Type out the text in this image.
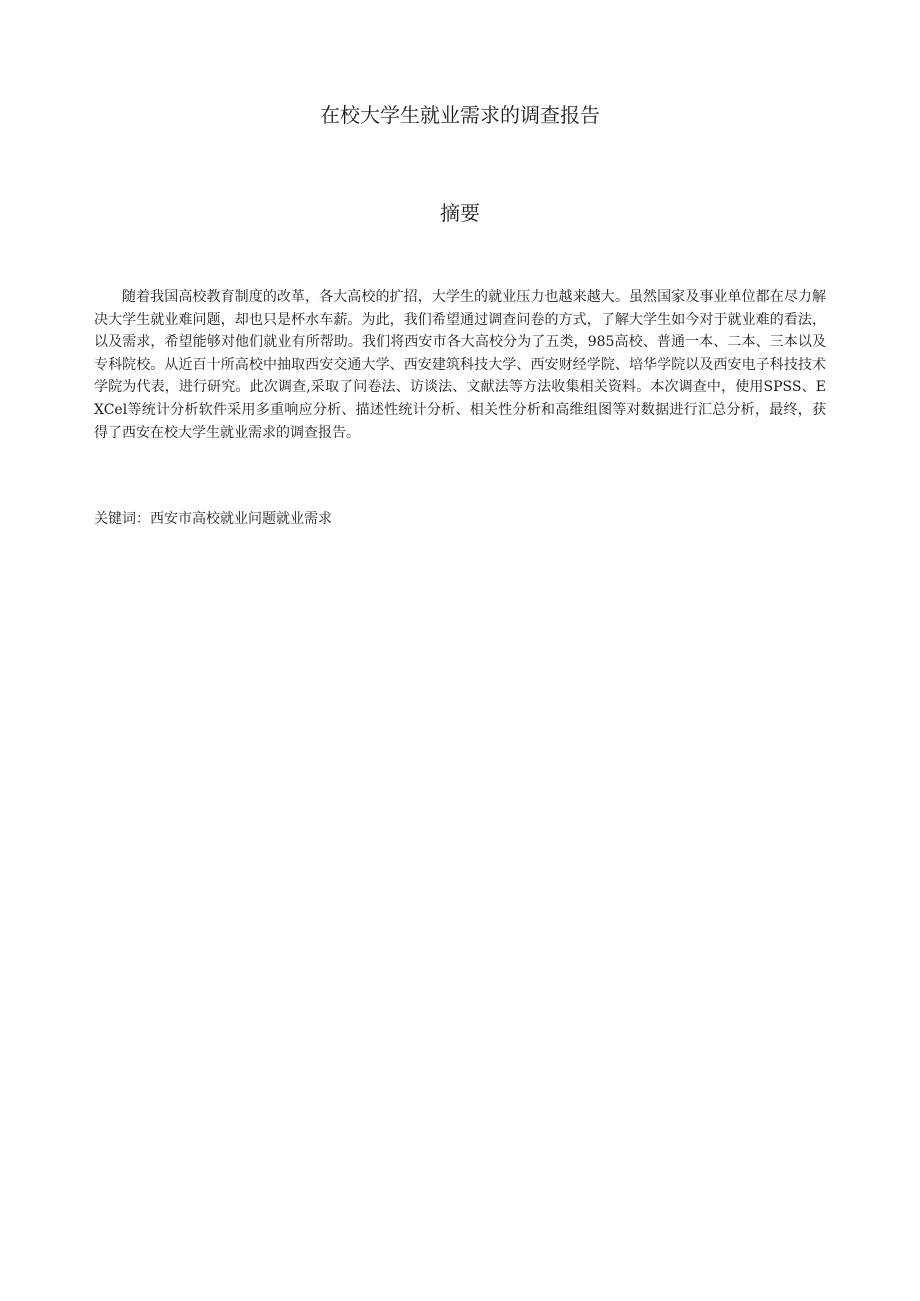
在校大学生就业需求的调查报告
摘要

随着我国高校教育制度的改革，各大高校的扩招，大学生的就业压力也越来越大。虽然国家及事业单位都在尽力解决大学生就业难问题，却也只是杯水车薪。为此，我们希望通过调查问卷的方式，了解大学生如今对于就业难的看法，以及需求，希望能够对他们就业有所帮助。我们将西安市各大高校分为了五类，985高校、普通一本、二本、三本以及专科院校。从近百十所高校中抽取西安交通大学、西安建筑科技大学、西安财经学院、培华学院以及西安电子科技技术学院为代表，进行研究。此次调查,采取了问卷法、访谈法、文献法等方法收集相关资料。本次调查中，使用SPSS、EXCel等统计分析软件采用多重响应分析、描述性统计分析、相关性分析和高维组图等对数据进行汇总分析，最终，获得了西安在校大学生就业需求的调查报告。

关键词：西安市高校就业问题就业需求
